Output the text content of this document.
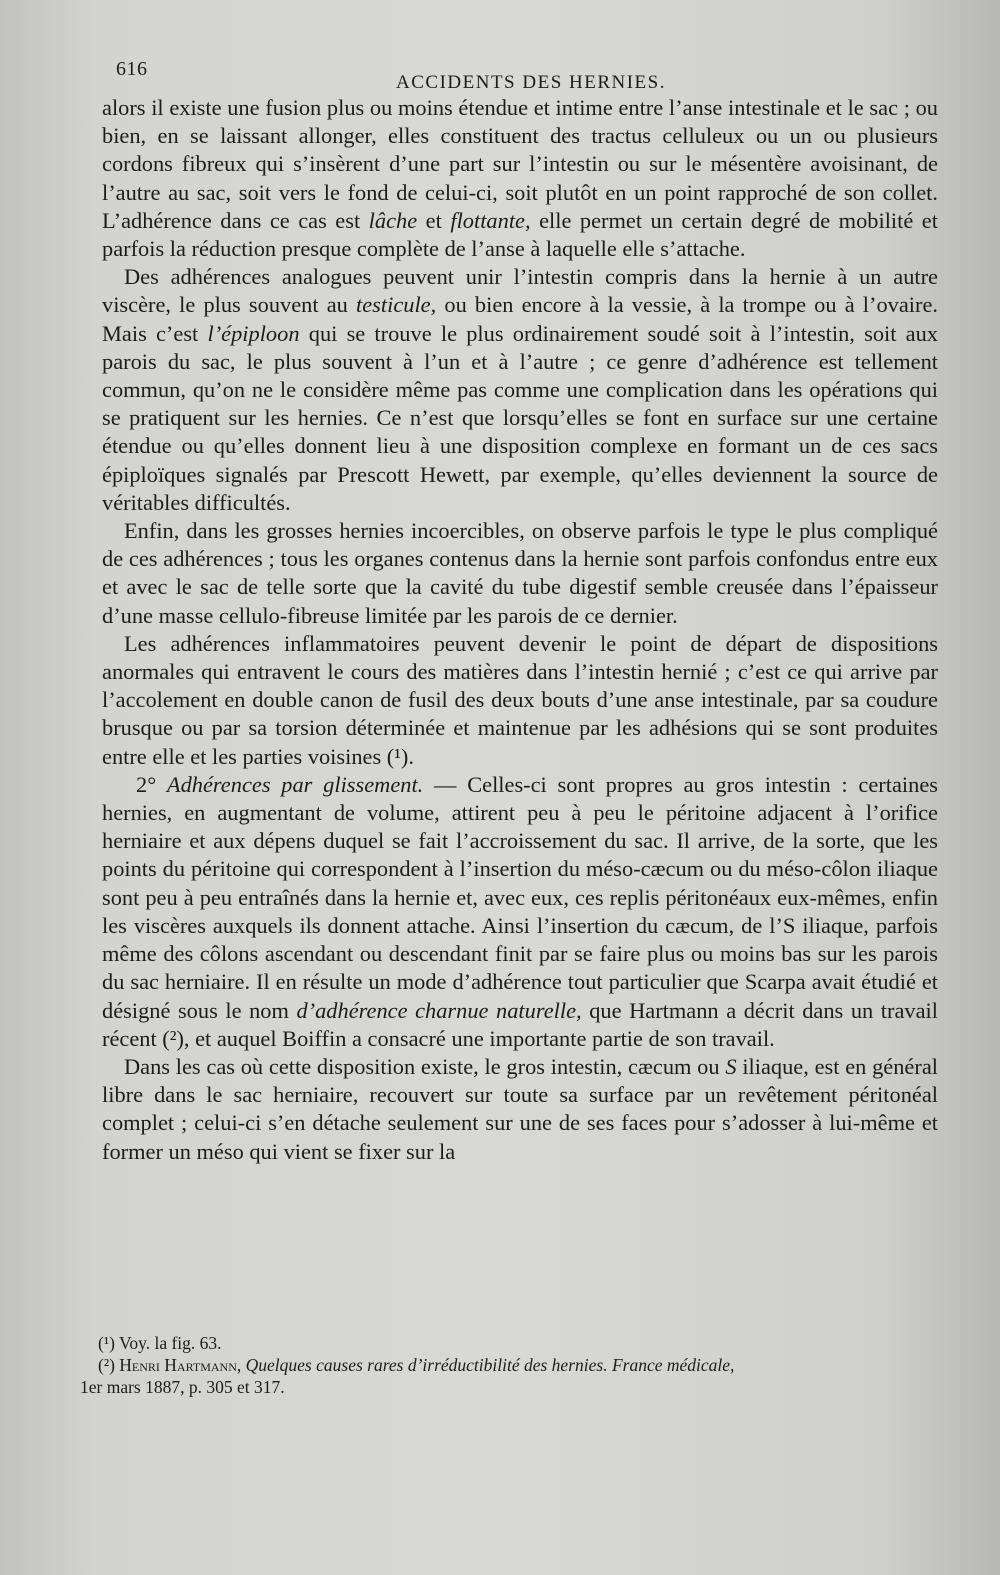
616
ACCIDENTS DES HERNIES.

alors il existe une fusion plus ou moins étendue et intime entre l’anse intestinale et le sac ; ou bien, en se laissant allonger, elles constituent des tractus celluleux ou un ou plusieurs cordons fibreux qui s’insèrent d’une part sur l’intestin ou sur le mésentère avoisinant, de l’autre au sac, soit vers le fond de celui-ci, soit plutôt en un point rapproché de son collet. L’adhérence dans ce cas est lâche et flottante, elle permet un certain degré de mobilité et parfois la réduction presque complète de l’anse à laquelle elle s’attache.

Des adhérences analogues peuvent unir l’intestin compris dans la hernie à un autre viscère, le plus souvent au testicule, ou bien encore à la vessie, à la trompe ou à l’ovaire. Mais c’est l’épiploon qui se trouve le plus ordinairement soudé soit à l’intestin, soit aux parois du sac, le plus souvent à l’un et à l’autre ; ce genre d’adhérence est tellement commun, qu’on ne le considère même pas comme une complication dans les opérations qui se pratiquent sur les hernies. Ce n’est que lorsqu’elles se font en surface sur une certaine étendue ou qu’elles donnent lieu à une disposition complexe en formant un de ces sacs épiploïques signalés par Prescott Hewett, par exemple, qu’elles deviennent la source de véritables difficultés.

Enfin, dans les grosses hernies incoercibles, on observe parfois le type le plus compliqué de ces adhérences ; tous les organes contenus dans la hernie sont parfois confondus entre eux et avec le sac de telle sorte que la cavité du tube digestif semble creusée dans l’épaisseur d’une masse cellulo-fibreuse limitée par les parois de ce dernier.

Les adhérences inflammatoires peuvent devenir le point de départ de dispositions anormales qui entravent le cours des matières dans l’intestin hernié ; c’est ce qui arrive par l’accolement en double canon de fusil des deux bouts d’une anse intestinale, par sa coudure brusque ou par sa torsion déterminée et maintenue par les adhésions qui se sont produites entre elle et les parties voisines (¹).

2° Adhérences par glissement. — Celles-ci sont propres au gros intestin : certaines hernies, en augmentant de volume, attirent peu à peu le péritoine adjacent à l’orifice herniaire et aux dépens duquel se fait l’accroissement du sac. Il arrive, de la sorte, que les points du péritoine qui correspondent à l’insertion du méso-cæcum ou du méso-côlon iliaque sont peu à peu entraînés dans la hernie et, avec eux, ces replis péritonéaux eux-mêmes, enfin les viscères auxquels ils donnent attache. Ainsi l’insertion du cæcum, de l’S iliaque, parfois même des côlons ascendant ou descendant finit par se faire plus ou moins bas sur les parois du sac herniaire. Il en résulte un mode d’adhérence tout particulier que Scarpa avait étudié et désigné sous le nom d’adhérence charnue naturelle, que Hartmann a décrit dans un travail récent (²), et auquel Boiffin a consacré une importante partie de son travail.

Dans les cas où cette disposition existe, le gros intestin, cæcum ou S iliaque, est en général libre dans le sac herniaire, recouvert sur toute sa surface par un revêtement péritonéal complet ; celui-ci s’en détache seulement sur une de ses faces pour s’adosser à lui-même et former un méso qui vient se fixer sur la

(¹) Voy. la fig. 63.

(²) Henri Hartmann, Quelques causes rares d’irréductibilité des hernies. France médicale,

1er mars 1887, p. 305 et 317.
